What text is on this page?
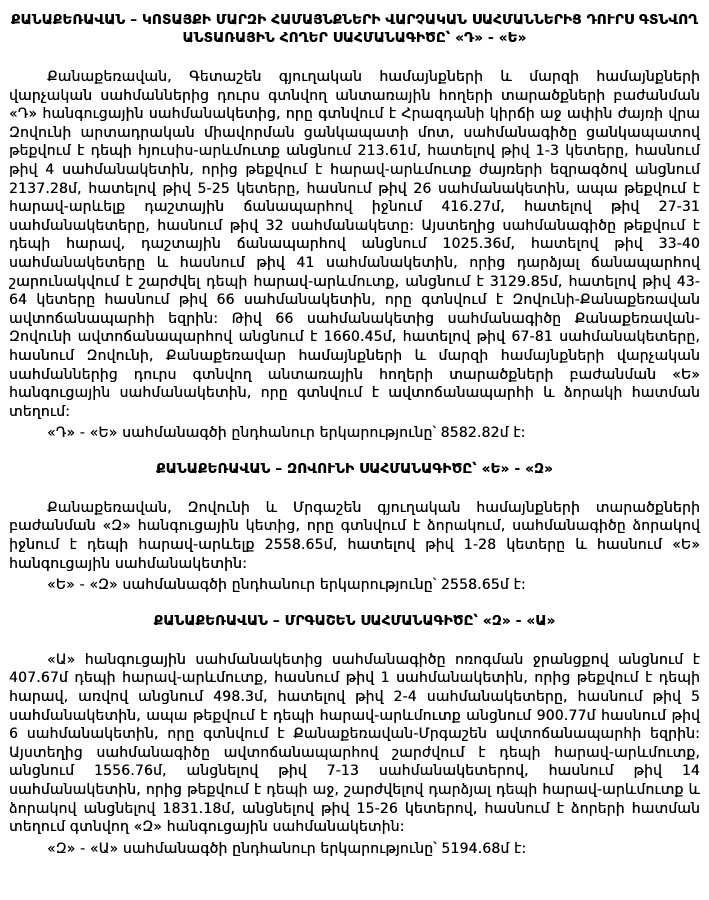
ՔԱՆԱՔԵՌԱՎԱՆ – ԿՈՏԱՅՔԻ ՄԱՐԶԻ ՀԱՄԱՅՆՔՆԵՐԻ ՎԱՐՉԱԿԱՆ ՍԱՀՄԱՆՆԵՐԻՑ ԴՈՒՐՍ ԳՏՆՎՈՂ ԱՆՏԱՌԱՅԻՆ ՀՈՂԵՐ ՍԱՀՄԱՆԱԳԻԾԸ՝ «Դ» - «Ե»

Քանաքեռավան, Գետաշեն գյուղական համայնքների և մարզի համայնքների վարչական սահմաններից դուրս գտնվող անտառային հողերի տարածքների բաժանման «Դ» հանգուցային սահմանակետից, որը գտնվում է Հրազդանի կիրճի աջ ափին ժայռի վրա Զովունի արտադրական միավորման ցանկապատի մոտ, սահմանագիծը ցանկապատով թեքվում է դեպի հյուսիս-արևմուտք անցնում 213.61մ, հատելով թիվ 1-3 կետերը, հասնում թիվ 4 սահմանակետին, որից թեքվում է հարավ-արևմուտք ժայռերի եզրագծով անցնում 2137.28մ, հատելով թիվ 5-25 կետերը, հասնում թիվ 26 սահմանակետին, ապա թեքվում է հարավ-արևելք դաշտային ճանապարհով իջնում 416.27մ, հատելով թիվ 27-31 սահմանակետերը, հասնում թիվ 32 սահմանակետը: Այստեղից սահմանագիծը թեքվում է դեպի հարավ, դաշտային ճանապարհով անցնում 1025.36մ, հատելով թիվ 33-40 սահմանակետերը և հասնում թիվ 41 սահմանակետին, որից դարձյալ ճանապարհով շարունակվում է շարժվել դեպի հարավ-արևմուտք, անցնում է 3129.85մ, հատելով թիվ 43-64 կետերը հասնում թիվ 66 սահմանակետին, որը գտնվում է Զովունի-Քանաքեռավան ավտոճանապարհի եզրին: Թիվ 66 սահմանակետից սահմանագիծը Քանաքեռավան-Զովունի ավտոճանապարհով անցնում է 1660.45մ, հատելով թիվ 67-81 սահմանակետերը, հասնում Զովունի, Քանաքեռավար համայնքների և մարզի համայնքների վարչական սահմաններից դուրս գտնվող անտառային հողերի տարածքների բաժանման «Ե» հանգուցային սահմանակետին, որը գտնվում է ավտոճանապարհի և ձորակի հատման տեղում:

«Դ» - «Ե» սահմանագծի ընդհանուր երկարությունը՝ 8582.82մ է:

ՔԱՆԱՔԵՌԱՎԱՆ – ԶՈՎՈՒՆԻ ՍԱՀՄԱՆԱԳԻԾԸ՝ «Ե» - «Զ»

Քանաքեռավան, Զովունի և Մրգաշեն գյուղական համայնքների տարածքների բաժանման «Զ» հանգուցային կետից, որը գտնվում է ձորակում, սահմանագիծը ձորակով իջնում է դեպի հարավ-արևելք 2558.65մ, հատելով թիվ 1-28 կետերը և հասնում «Ե» հանգուցային սահմանակետին:

«Ե» - «Զ» սահմանագծի ընդհանուր երկարությունը՝ 2558.65մ է:

ՔԱՆԱՔԵՌԱՎԱՆ – ՄՐԳԱՇԵՆ ՍԱՀՄԱՆԱԳԻԾԸ՝ «Զ» - «Ա»

«Ա» հանգուցային սահմանակետից սահմանագիծը ոռոգման ջրանցքով անցնում է 407.67մ դեպի հարավ-արևմուտք, հասնում թիվ 1 սահմանակետին, որից թեքվում է դեպի հարավ, առվով անցնում 498.3մ, հատելով թիվ 2-4 սահմանակետերը, հասնում թիվ 5 սահմանակետին, ապա թեքվում է դեպի հարավ-արևմուտք անցնում 900.77մ հասնում թիվ 6 սահմանակետին, որը գտնվում է Քանաքեռավան-Մրգաշեն ավտոճանապարհի եզրին: Այստեղից սահմանագիծը ավտոճանապարհով շարժվում է դեպի հարավ-արևմուտք, անցնում 1556.76մ, անցնելով թիվ 7-13 սահմանակետերով, հասնում թիվ 14 սահմանակետին, որից թեքվում է դեպի աջ, շարժվելով դարձյալ դեպի հարավ-արևմուտք և ձորակով անցնելով 1831.18մ, անցնելով թիվ 15-26 կետերով, հասնում է ձորերի հատման տեղում գտնվող «Զ» հանգուցային սահմանակետին:

«Զ» - «Ա» սահմանագծի ընդհանուր երկարությունը՝ 5194.68մ է:
